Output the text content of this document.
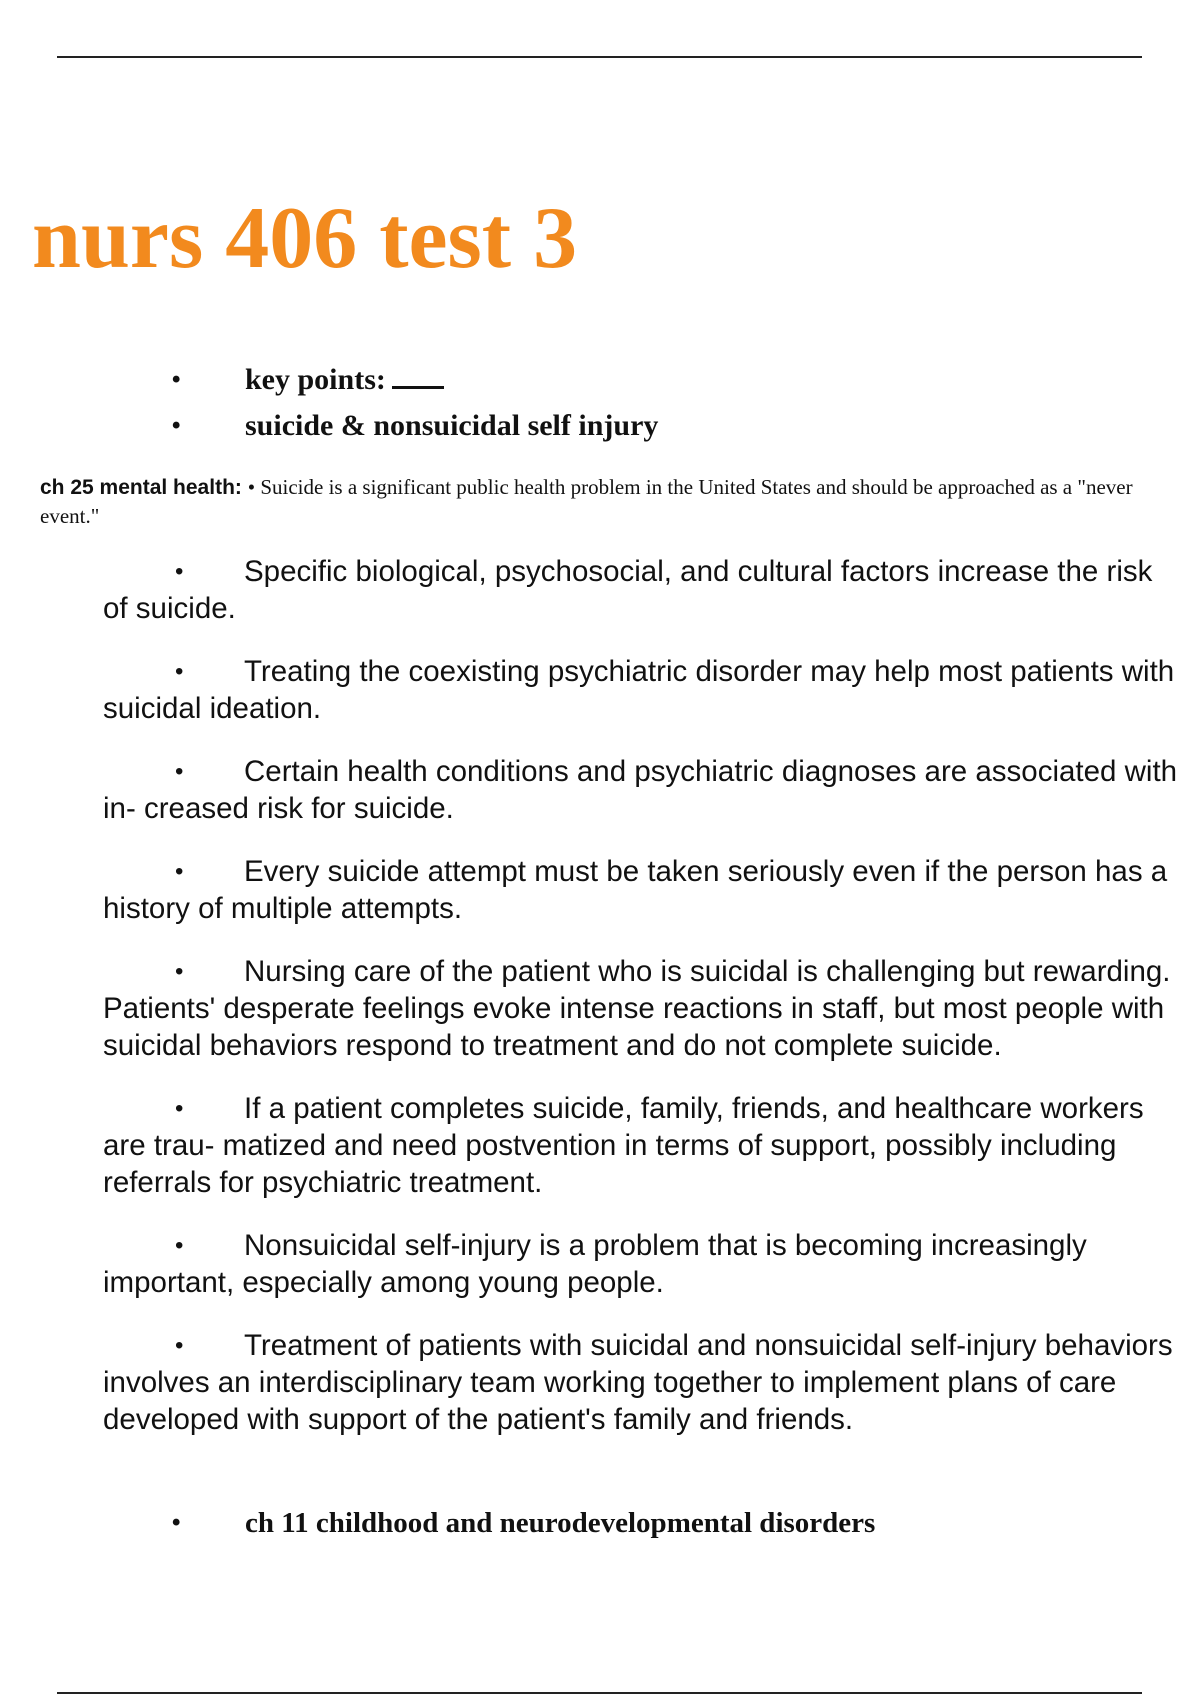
nurs 406 test 3
• key points:
• suicide & nonsuicidal self injury

ch 25 mental health: • Suicide is a significant public health problem in the United States and should be approached as a "never event."

• Specific biological, psychosocial, and cultural factors increase the risk of suicide.
• Treating the coexisting psychiatric disorder may help most patients with suicidal ideation.
• Certain health conditions and psychiatric diagnoses are associated with in- creased risk for suicide.
• Every suicide attempt must be taken seriously even if the person has a history of multiple attempts.
• Nursing care of the patient who is suicidal is challenging but rewarding. Patients' desperate feelings evoke intense reactions in staff, but most people with suicidal behaviors respond to treatment and do not complete suicide.
• If a patient completes suicide, family, friends, and healthcare workers are trau- matized and need postvention in terms of support, possibly including referrals for psychiatric treatment.
• Nonsuicidal self-injury is a problem that is becoming increasingly important, especially among young people.
• Treatment of patients with suicidal and nonsuicidal self-injury behaviors involves an interdisciplinary team working together to implement plans of care developed with support of the patient's family and friends.
• ch 11 childhood and neurodevelopmental disorders
